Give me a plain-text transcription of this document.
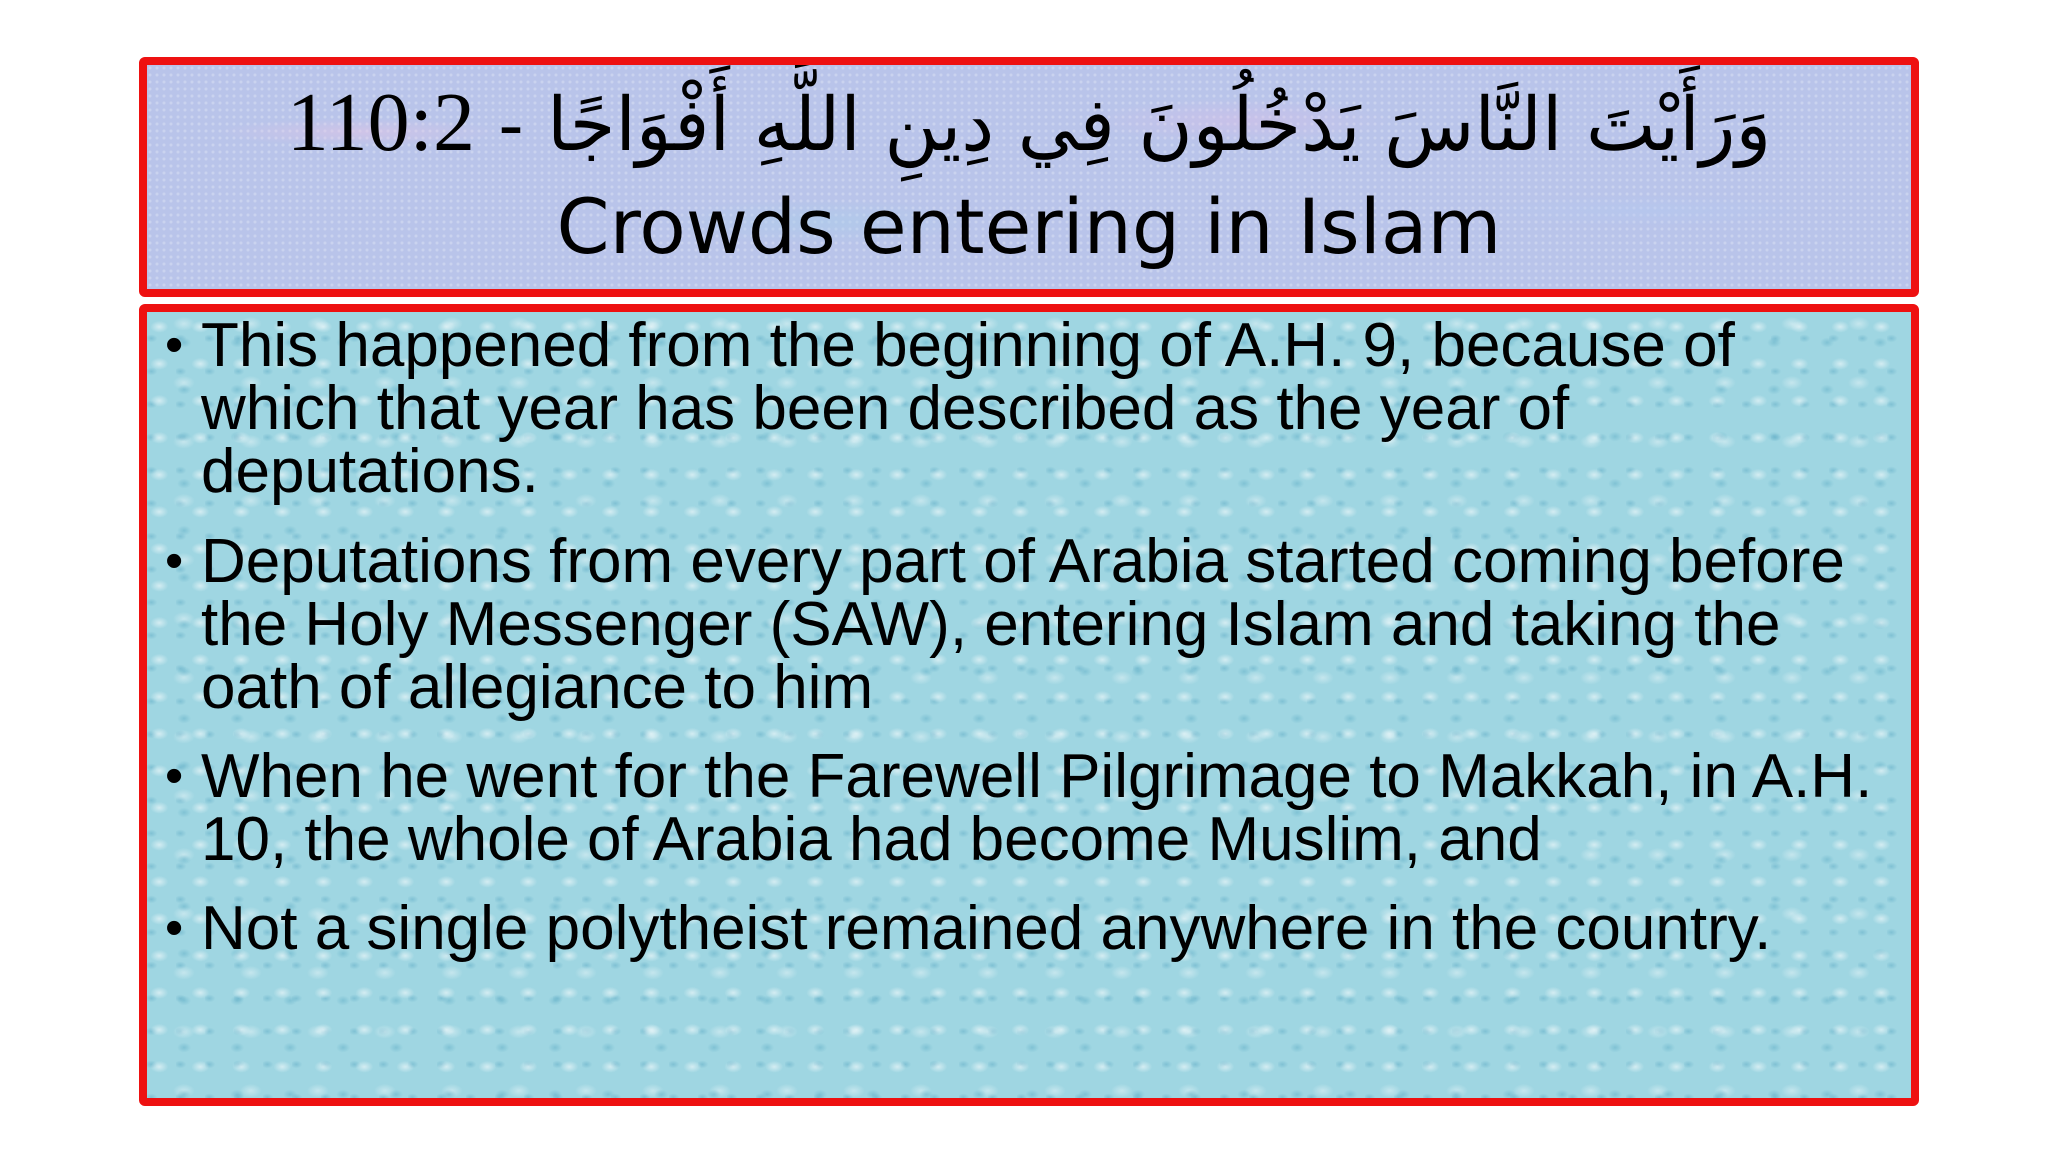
110:2 - وَرَأَيْتَ النَّاسَ يَدْخُلُونَ فِي دِينِ اللَّهِ أَفْوَاجًا
Crowds entering in Islam
• This happened from the beginning of A.H. 9, because of which that year has been described as the year of deputations.
• Deputations from every part of Arabia started coming before the Holy Messenger (SAW), entering Islam and taking the oath of allegiance to him
• When he went for the Farewell Pilgrimage to Makkah, in A.H. 10, the whole of Arabia had become Muslim, and
• Not a single polytheist remained anywhere in the country.
